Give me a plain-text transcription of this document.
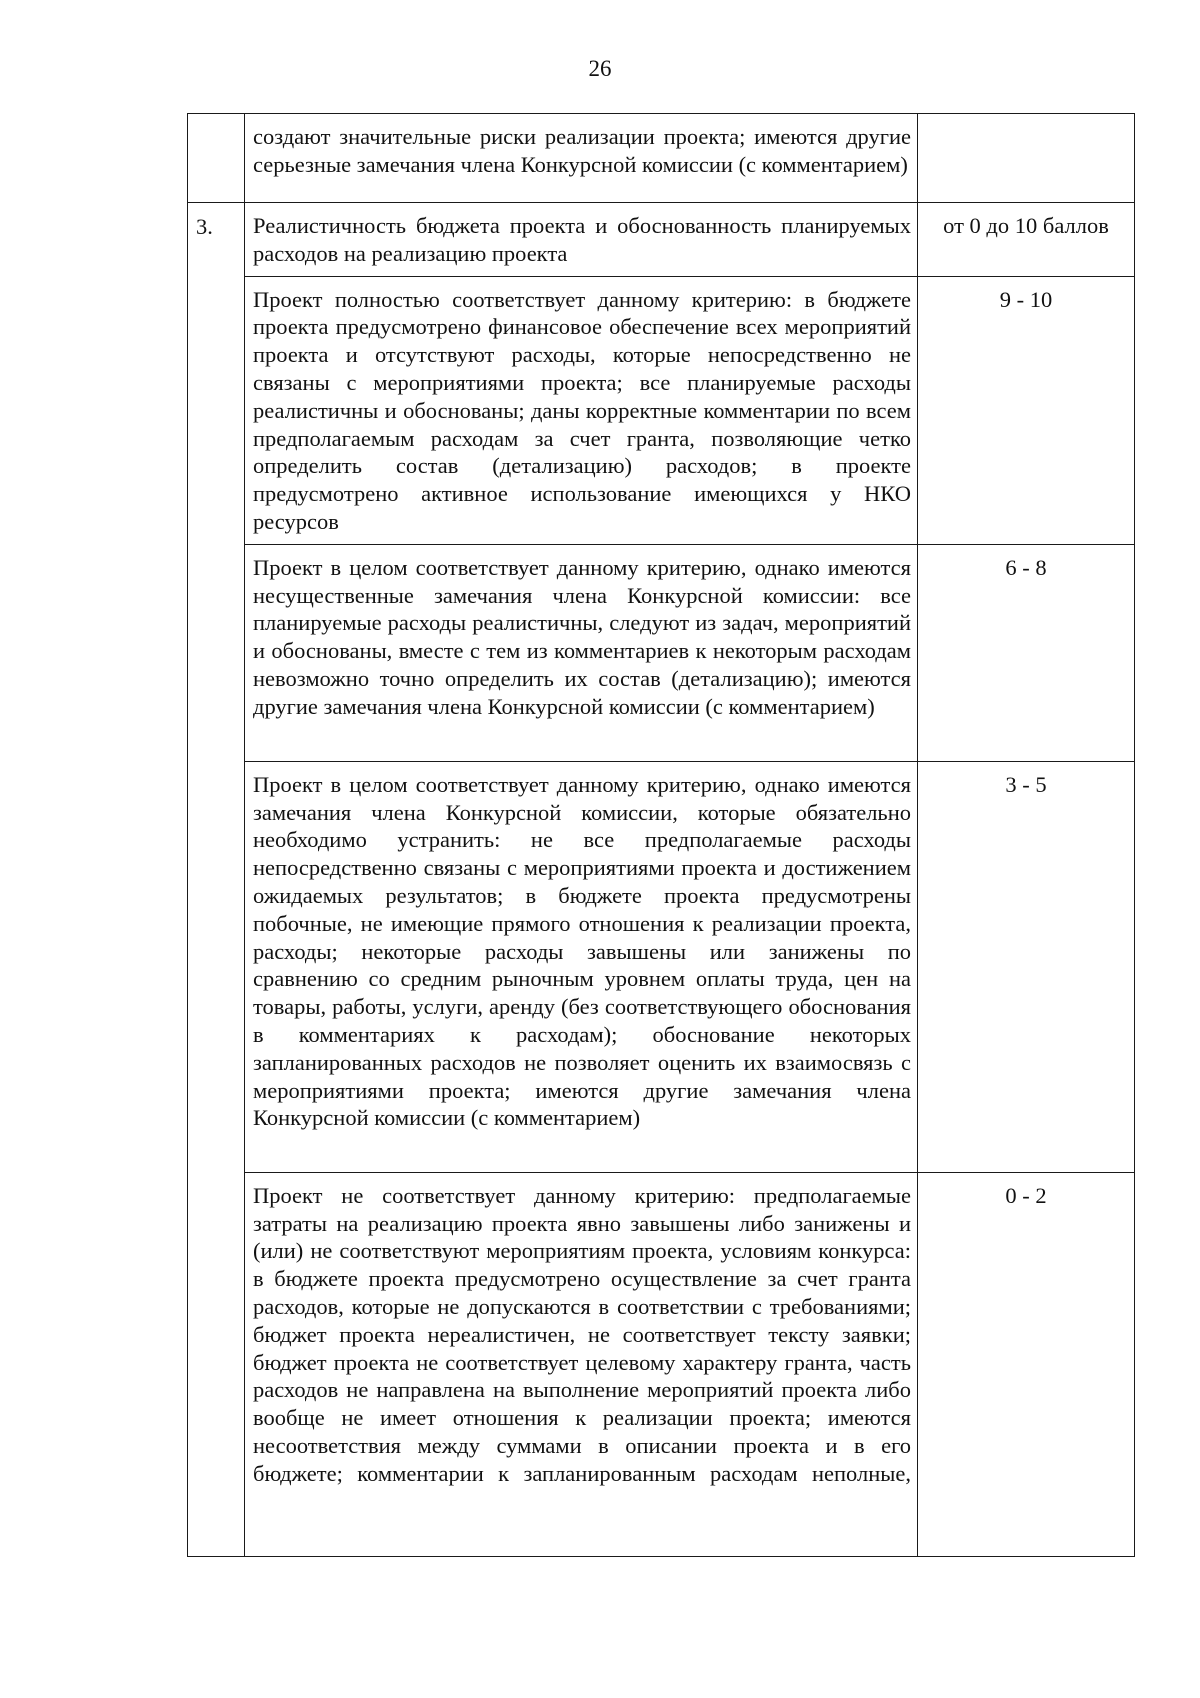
26
	создают значительные риски реализации проекта; имеются другие серьезные замечания члена Конкурсной комиссии (с комментарием)	
3.	Реалистичность бюджета проекта и обоснованность планируемых расходов на реализацию проекта	от 0 до 10 баллов
	Проект полностью соответствует данному критерию: в бюджете проекта предусмотрено финансовое обеспечение всех мероприятий проекта и отсутствуют расходы, которые непосредственно не связаны с мероприятиями проекта; все планируемые расходы реалистичны и обоснованы; даны корректные комментарии по всем предполагаемым расходам за счет гранта, позволяющие четко определить состав (детализацию) расходов; в проекте предусмотрено активное использование имеющихся у НКО ресурсов	9 - 10
	Проект в целом соответствует данному критерию, однако имеются несущественные замечания члена Конкурсной комиссии: все планируемые расходы реалистичны, следуют из задач, мероприятий и обоснованы, вместе с тем из комментариев к некоторым расходам невозможно точно определить их состав (детализацию); имеются другие замечания члена Конкурсной комиссии (с комментарием)	6 - 8
	Проект в целом соответствует данному критерию, однако имеются замечания члена Конкурсной комиссии, которые обязательно необходимо устранить: не все предполагаемые расходы непосредственно связаны с мероприятиями проекта и достижением ожидаемых результатов; в бюджете проекта предусмотрены побочные, не имеющие прямого отношения к реализации проекта, расходы; некоторые расходы завышены или занижены по сравнению со средним рыночным уровнем оплаты труда, цен на товары, работы, услуги, аренду (без соответствующего обоснования в комментариях к расходам); обоснование некоторых запланированных расходов не позволяет оценить их взаимосвязь с мероприятиями проекта; имеются другие замечания члена Конкурсной комиссии (с комментарием)	3 - 5
	Проект не соответствует данному критерию: предполагаемые затраты на реализацию проекта явно завышены либо занижены и (или) не соответствуют мероприятиям проекта, условиям конкурса: в бюджете проекта предусмотрено осуществление за счет гранта расходов, которые не допускаются в соответствии с требованиями; бюджет проекта нереалистичен, не соответствует тексту заявки; бюджет проекта не соответствует целевому характеру гранта, часть расходов не направлена на выполнение мероприятий проекта либо вообще не имеет отношения к реализации проекта; имеются несоответствия между суммами в описании проекта и в его бюджете; комментарии к запланированным расходам неполные,	0 - 2
